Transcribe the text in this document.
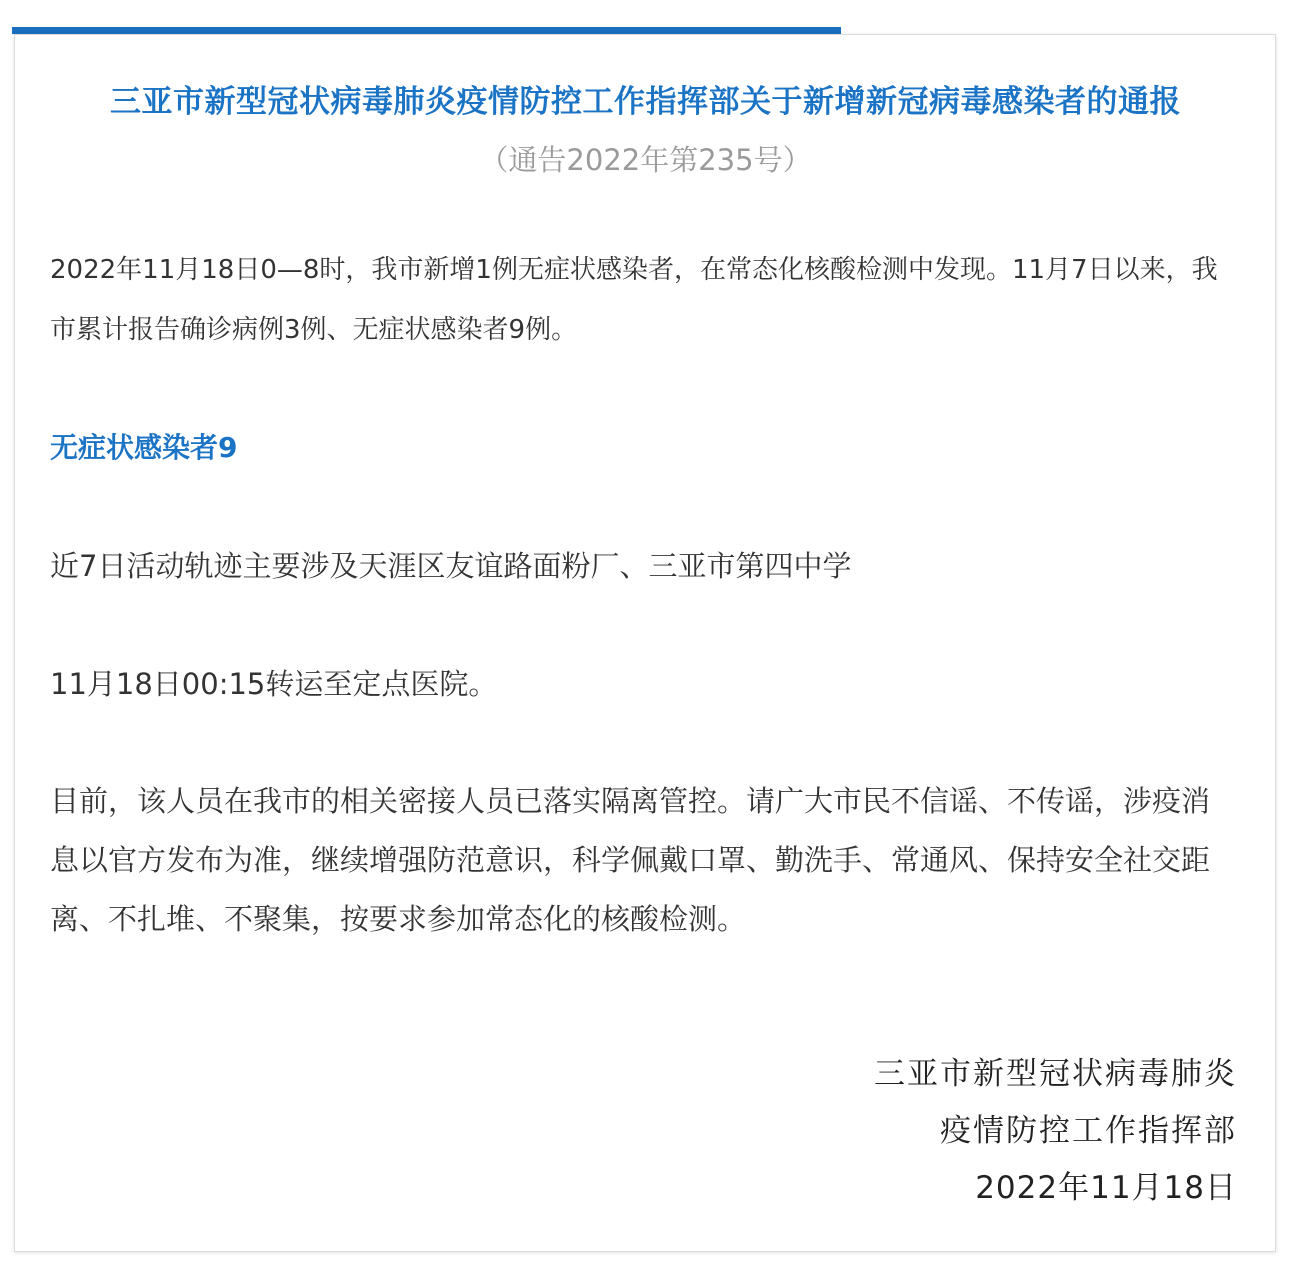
三亚市新型冠状病毒肺炎疫情防控工作指挥部关于新增新冠病毒感染者的通报
（通告2022年第235号）

2022年11月18日0—8时，我市新增1例无症状感染者，在常态化核酸检测中发现。11月7日以来，我市累计报告确诊病例3例、无症状感染者9例。

无症状感染者9

近7日活动轨迹主要涉及天涯区友谊路面粉厂、三亚市第四中学

11月18日00:15转运至定点医院。

目前，该人员在我市的相关密接人员已落实隔离管控。请广大市民不信谣、不传谣，涉疫消息以官方发布为准，继续增强防范意识，科学佩戴口罩、勤洗手、常通风、保持安全社交距离、不扎堆、不聚集，按要求参加常态化的核酸检测。

三亚市新型冠状病毒肺炎
疫情防控工作指挥部
2022年11月18日
